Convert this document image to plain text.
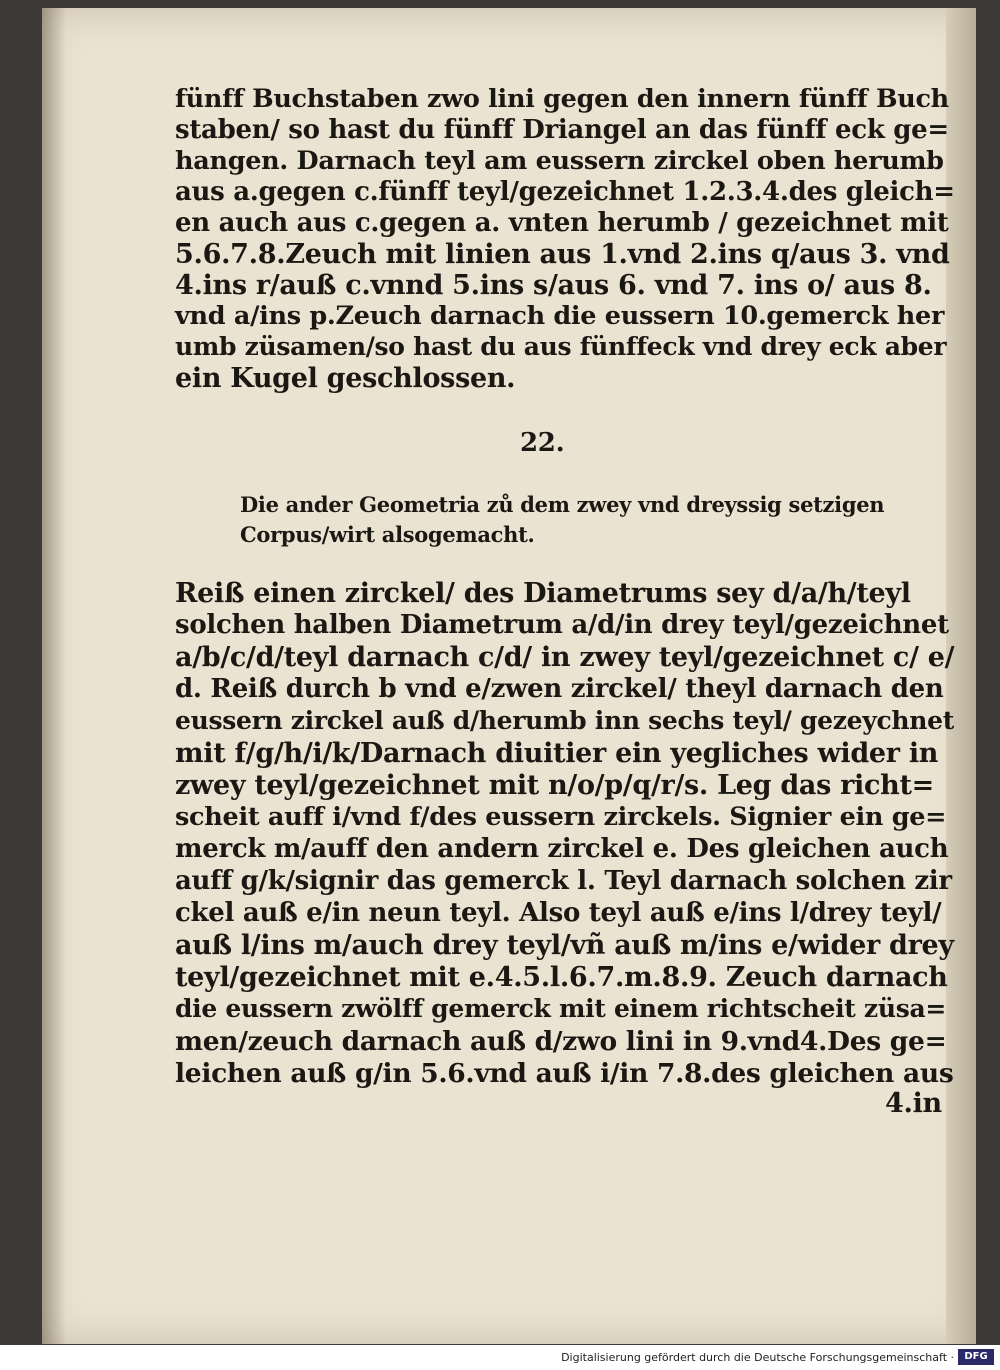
fünff Buchstaben zwo lini gegen den innern fünff Buch
staben/ so hast du fünff Driangel an das fünff eck ge=
hangen. Darnach teyl am eussern zirckel oben herumb
aus a.gegen c.fünff teyl/gezeichnet 1.2.3.4.des gleich=
en auch aus c.gegen a. vnten herumb / gezeichnet mit
5.6.7.8.Zeuch mit linien aus 1.vnd 2.ins q/aus 3. vnd
4.ins r/auß c.vnnd 5.ins s/aus 6. vnd 7. ins o/ aus 8.
vnd a/ins p.Zeuch darnach die eussern 10.gemerck her
umb züsamen/so hast du aus fünffeck vnd drey eck aber
ein Kugel geschlossen.
22.
Die ander Geometria zů dem zwey vnd dreyssig setzigen
Corpus/wirt alsogemacht.
Reiß einen zirckel/ des Diametrums sey d/a/h/teyl
solchen halben Diametrum a/d/in drey teyl/gezeichnet
a/b/c/d/teyl darnach c/d/ in zwey teyl/gezeichnet c/ e/
d. Reiß durch b vnd e/zwen zirckel/ theyl darnach den
eussern zirckel auß d/herumb inn sechs teyl/ gezeychnet
mit f/g/h/i/k/Darnach diuitier ein yegliches wider in
zwey teyl/gezeichnet mit n/o/p/q/r/s. Leg das richt=
scheit auff i/vnd f/des eussern zirckels. Signier ein ge=
merck m/auff den andern zirckel e. Des gleichen auch
auff g/k/signir das gemerck l. Teyl darnach solchen zir
ckel auß e/in neun teyl. Also teyl auß e/ins l/drey teyl/
auß l/ins m/auch drey teyl/vñ auß m/ins e/wider drey
teyl/gezeichnet mit e.4.5.l.6.7.m.8.9. Zeuch darnach
die eussern zwölff gemerck mit einem richtscheit züsa=
men/zeuch darnach auß d/zwo lini in 9.vnd4.Des ge=
leichen auß g/in 5.6.vnd auß i/in 7.8.des gleichen aus
4.in
Digitalisierung gefördert durch die Deutsche Forschungsgemeinschaft ·	DFG
